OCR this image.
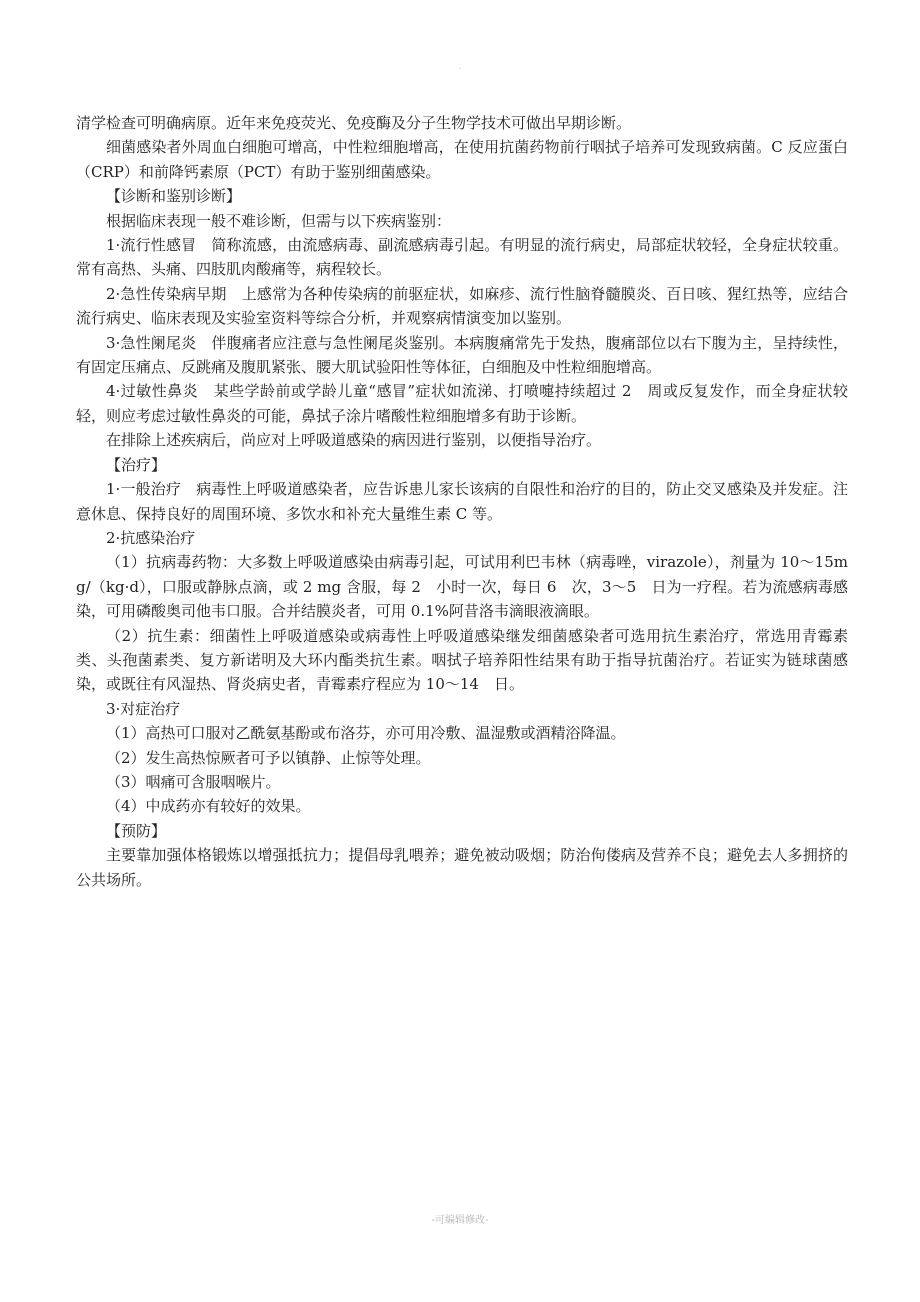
.

清学检查可明确病原。近年来免疫荧光、免疫酶及分子生物学技术可做出早期诊断。

细菌感染者外周血白细胞可增高，中性粒细胞增高，在使用抗菌药物前行咽拭子培养可发现致病菌。C 反应蛋白（CRP）和前降钙素原（PCT）有助于鉴别细菌感染。

【诊断和鉴别诊断】

根据临床表现一般不难诊断，但需与以下疾病鉴别：

1·流行性感冒　简称流感，由流感病毒、副流感病毒引起。有明显的流行病史，局部症状较轻，全身症状较重。常有高热、头痛、四肢肌肉酸痛等，病程较长。

2·急性传染病早期　上感常为各种传染病的前驱症状，如麻疹、流行性脑脊髓膜炎、百日咳、猩红热等，应结合流行病史、临床表现及实验室资料等综合分析，并观察病情演变加以鉴别。

3·急性阑尾炎　伴腹痛者应注意与急性阑尾炎鉴别。本病腹痛常先于发热，腹痛部位以右下腹为主，呈持续性，有固定压痛点、反跳痛及腹肌紧张、腰大肌试验阳性等体征，白细胞及中性粒细胞增高。

4·过敏性鼻炎　某些学龄前或学龄儿童“感冒”症状如流涕、打喷嚏持续超过 2　周或反复发作，而全身症状较轻，则应考虑过敏性鼻炎的可能，鼻拭子涂片嗜酸性粒细胞增多有助于诊断。

在排除上述疾病后，尚应对上呼吸道感染的病因进行鉴别，以便指导治疗。

【治疗】

1·一般治疗　病毒性上呼吸道感染者，应告诉患儿家长该病的自限性和治疗的目的，防止交叉感染及并发症。注意休息、保持良好的周围环境、多饮水和补充大量维生素 C 等。

2·抗感染治疗

（1）抗病毒药物：大多数上呼吸道感染由病毒引起，可试用利巴韦林（病毒唑，virazole），剂量为 10～15mg/（kg·d），口服或静脉点滴，或 2 mg 含服，每 2　小时一次，每日 6　次，3～5　日为一疗程。若为流感病毒感染，可用磷酸奥司他韦口服。合并结膜炎者，可用 0.1%阿昔洛韦滴眼液滴眼。

（2）抗生素：细菌性上呼吸道感染或病毒性上呼吸道感染继发细菌感染者可选用抗生素治疗，常选用青霉素类、头孢菌素类、复方新诺明及大环内酯类抗生素。咽拭子培养阳性结果有助于指导抗菌治疗。若证实为链球菌感染，或既往有风湿热、肾炎病史者，青霉素疗程应为 10～14　日。

3·对症治疗

（1）高热可口服对乙酰氨基酚或布洛芬，亦可用冷敷、温湿敷或酒精浴降温。

（2）发生高热惊厥者可予以镇静、止惊等处理。

（3）咽痛可含服咽喉片。

（4）中成药亦有较好的效果。

【预防】

主要靠加强体格锻炼以增强抵抗力；提倡母乳喂养；避免被动吸烟；防治佝偻病及营养不良；避免去人多拥挤的公共场所。

-可编辑修改-
